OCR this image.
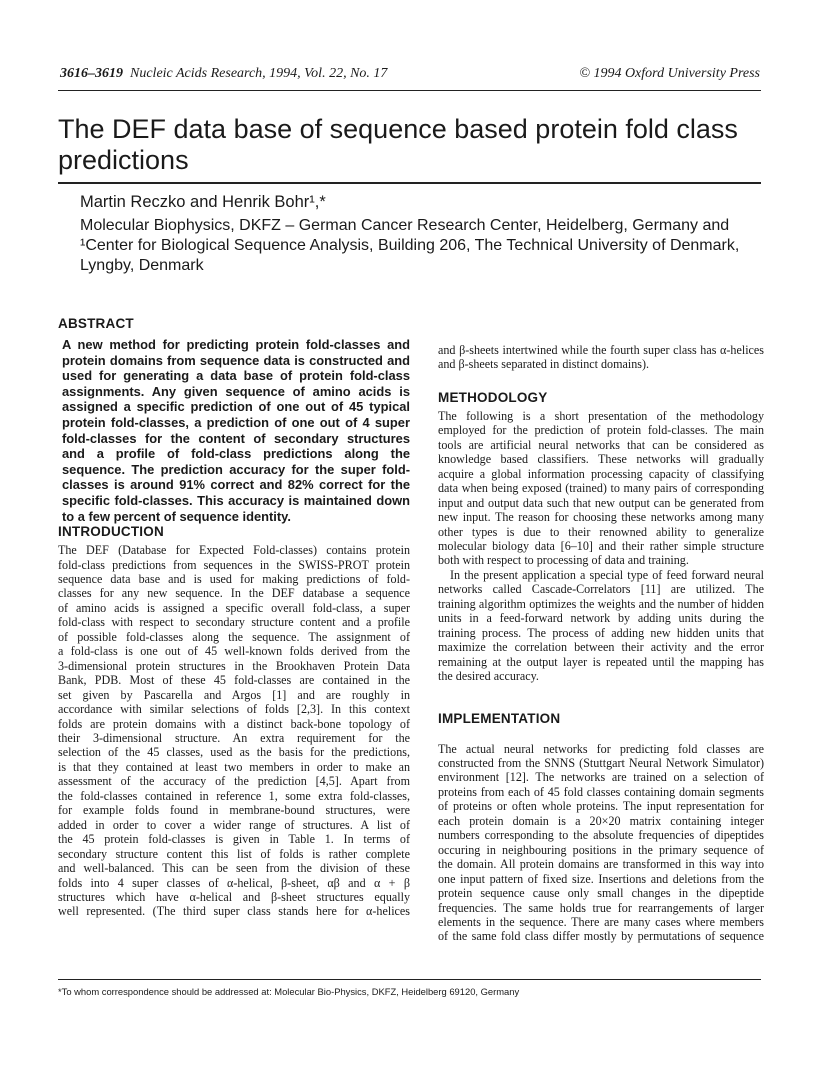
3616–3619 Nucleic Acids Research, 1994, Vol. 22, No. 17	© 1994 Oxford University Press
The DEF data base of sequence based protein fold class
predictions
Martin Reczko and Henrik Bohr¹,*
Molecular Biophysics, DKFZ – German Cancer Research Center, Heidelberg, Germany and
¹Center for Biological Sequence Analysis, Building 206, The Technical University of Denmark,
Lyngby, Denmark
ABSTRACT
A new method for predicting protein fold-classes and
protein domains from sequence data is constructed and
used for generating a data base of protein fold-class
assignments. Any given sequence of amino acids is
assigned a specific prediction of one out of 45 typical
protein fold-classes, a prediction of one out of 4 super
fold-classes for the content of secondary structures
and a profile of fold-class predictions along the
sequence. The prediction accuracy for the super fold-
classes is around 91% correct and 82% correct for the
specific fold-classes. This accuracy is maintained down
to a few percent of sequence identity.
INTRODUCTION
The DEF (Database for Expected Fold-classes) contains protein
fold-class predictions from sequences in the SWISS-PROT protein
sequence data base and is used for making predictions of fold-
classes for any new sequence. In the DEF database a sequence
of amino acids is assigned a specific overall fold-class, a super
fold-class with respect to secondary structure content and a profile
of possible fold-classes along the sequence. The assignment of
a fold-class is one out of 45 well-known folds derived from the
3-dimensional protein structures in the Brookhaven Protein Data
Bank, PDB. Most of these 45 fold-classes are contained in the
set given by Pascarella and Argos [1] and are roughly in
accordance with similar selections of folds [2,3]. In this context
folds are protein domains with a distinct back-bone topology of
their 3-dimensional structure. An extra requirement for the
selection of the 45 classes, used as the basis for the predictions,
is that they contained at least two members in order to make an
assessment of the accuracy of the prediction [4,5]. Apart from
the fold-classes contained in reference 1, some extra fold-classes,
for example folds found in membrane-bound structures, were
added in order to cover a wider range of structures. A list of
the 45 protein fold-classes is given in Table 1. In terms of
secondary structure content this list of folds is rather complete
and well-balanced. This can be seen from the division of these
folds into 4 super classes of α-helical, β-sheet, αβ and α + β
structures which have α-helical and β-sheet structures equally
well represented. (The third super class stands here for α-helices
and β-sheets intertwined while the fourth super class has α-helices
and β-sheets separated in distinct domains).
METHODOLOGY
The following is a short presentation of the methodology
employed for the prediction of protein fold-classes. The main
tools are artificial neural networks that can be considered as
knowledge based classifiers. These networks will gradually
acquire a global information processing capacity of classifying
data when being exposed (trained) to many pairs of corresponding
input and output data such that new output can be generated from
new input. The reason for choosing these networks among many
other types is due to their renowned ability to generalize
molecular biology data [6–10] and their rather simple structure
both with respect to processing of data and training.
In the present application a special type of feed forward neural
networks called Cascade-Correlators [11] are utilized. The
training algorithm optimizes the weights and the number of hidden
units in a feed-forward network by adding units during the
training process. The process of adding new hidden units that
maximize the correlation between their activity and the error
remaining at the output layer is repeated until the mapping has
the desired accuracy.
IMPLEMENTATION
The actual neural networks for predicting fold classes are
constructed from the SNNS (Stuttgart Neural Network Simulator)
environment [12]. The networks are trained on a selection of
proteins from each of 45 fold classes containing domain segments
of proteins or often whole proteins. The input representation for
each protein domain is a 20×20 matrix containing integer
numbers corresponding to the absolute frequencies of dipeptides
occuring in neighbouring positions in the primary sequence of
the domain. All protein domains are transformed in this way into
one input pattern of fixed size. Insertions and deletions from the
protein sequence cause only small changes in the dipeptide
frequencies. The same holds true for rearrangements of larger
elements in the sequence. There are many cases where members
of the same fold class differ mostly by permutations of sequence
*To whom correspondence should be addressed at: Molecular Bio-Physics, DKFZ, Heidelberg 69120, Germany
